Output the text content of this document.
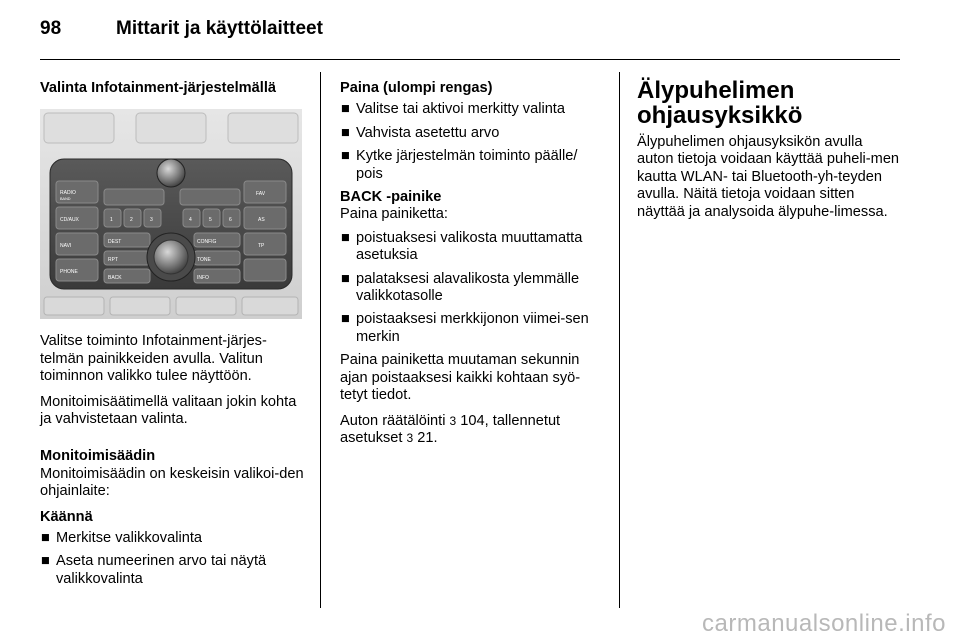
98	Mittarit ja käyttölaitteet
Valinta Infotainment-järjestelmällä
RADIO
BAND
CD/AUX
NAVI
PHONE
DEST
RPT
BACK
CONFIG
TONE
INFO
FAV
AS
TP
1	2	3	4	5	6

Valitse toiminto Infotainment-järjes-telmän painikkeiden avulla. Valitun toiminnon valikko tulee näyttöön.

Monitoimisäätimellä valitaan jokin kohta ja vahvistetaan valinta.

Monitoimisäädin

Monitoimisäädin on keskeisin valikoi-den ohjainlaite:

Käännä
■ Merkitse valikkovalinta
■ Aseta numeerinen arvo tai näytä valikkovalinta
Paina (ulompi rengas)
■ Valitse tai aktivoi merkitty valinta
■ Vahvista asetettu arvo
■ Kytke järjestelmän toiminto päälle/ pois
BACK -painike

Paina painiketta:

■ poistuaksesi valikosta muuttamatta asetuksia
■ palataksesi alavalikosta ylemmälle valikkotasolle
■ poistaaksesi merkkijonon viimei-sen merkin

Paina painiketta muutaman sekunnin ajan poistaaksesi kaikki kohtaan syö-tetyt tiedot.

Auton räätälöinti 3 104, tallennetut asetukset 3 21.

Älypuhelimen ohjausyksikkö

Älypuhelimen ohjausyksikön avulla auton tietoja voidaan käyttää puheli-men kautta WLAN- tai Bluetooth-yh-teyden avulla. Näitä tietoja voidaan sitten näyttää ja analysoida älypuhe-limessa.

carmanualsonline.info
